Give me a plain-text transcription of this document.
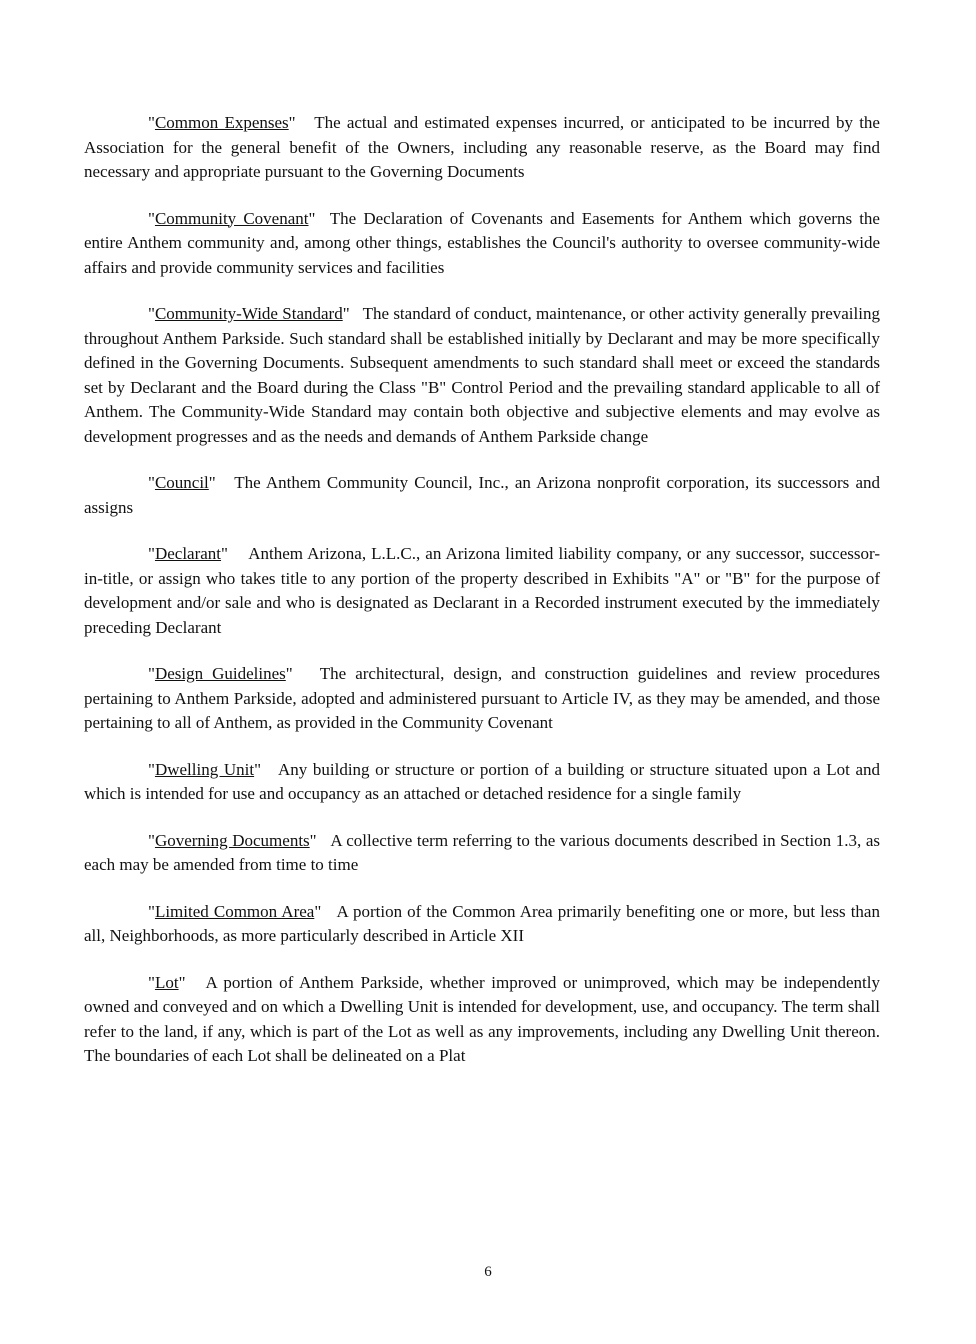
"Common Expenses"   The actual and estimated expenses incurred, or anticipated to be incurred by the Association for the general benefit of the Owners, including any reasonable reserve, as the Board may find necessary and appropriate pursuant to the Governing Documents

"Community Covenant"  The Declaration of Covenants and Easements for Anthem which governs the entire Anthem community and, among other things, establishes the Council's authority to oversee community-wide affairs and provide community services and facilities

"Community-Wide Standard"   The standard of conduct, maintenance, or other activity generally prevailing throughout Anthem Parkside. Such standard shall be established initially by Declarant and may be more specifically defined in the Governing Documents. Subsequent amendments to such standard shall meet or exceed the standards set by Declarant and the Board during the Class "B" Control Period and the prevailing standard applicable to all of Anthem. The Community-Wide Standard may contain both objective and subjective elements and may evolve as development progresses and as the needs and demands of Anthem Parkside change

"Council"   The Anthem Community Council, Inc., an Arizona nonprofit corporation, its successors and assigns

"Declarant"    Anthem Arizona, L.L.C., an Arizona limited liability company, or any successor, successor-in-title, or assign who takes title to any portion of the property described in Exhibits "A" or "B" for the purpose of development and/or sale and who is designated as Declarant in a Recorded instrument executed by the immediately preceding Declarant

"Design Guidelines"   The architectural, design, and construction guidelines and review procedures pertaining to Anthem Parkside, adopted and administered pursuant to Article IV, as they may be amended, and those pertaining to all of Anthem, as provided in the Community Covenant

"Dwelling Unit"   Any building or structure or portion of a building or structure situated upon a Lot and which is intended for use and occupancy as an attached or detached residence for a single family

"Governing Documents"   A collective term referring to the various documents described in Section 1.3, as each may be amended from time to time

"Limited Common Area"   A portion of the Common Area primarily benefiting one or more, but less than all, Neighborhoods, as more particularly described in Article XII

"Lot"   A portion of Anthem Parkside, whether improved or unimproved, which may be independently owned and conveyed and on which a Dwelling Unit is intended for development, use, and occupancy. The term shall refer to the land, if any, which is part of the Lot as well as any improvements, including any Dwelling Unit thereon. The boundaries of each Lot shall be delineated on a Plat

6
